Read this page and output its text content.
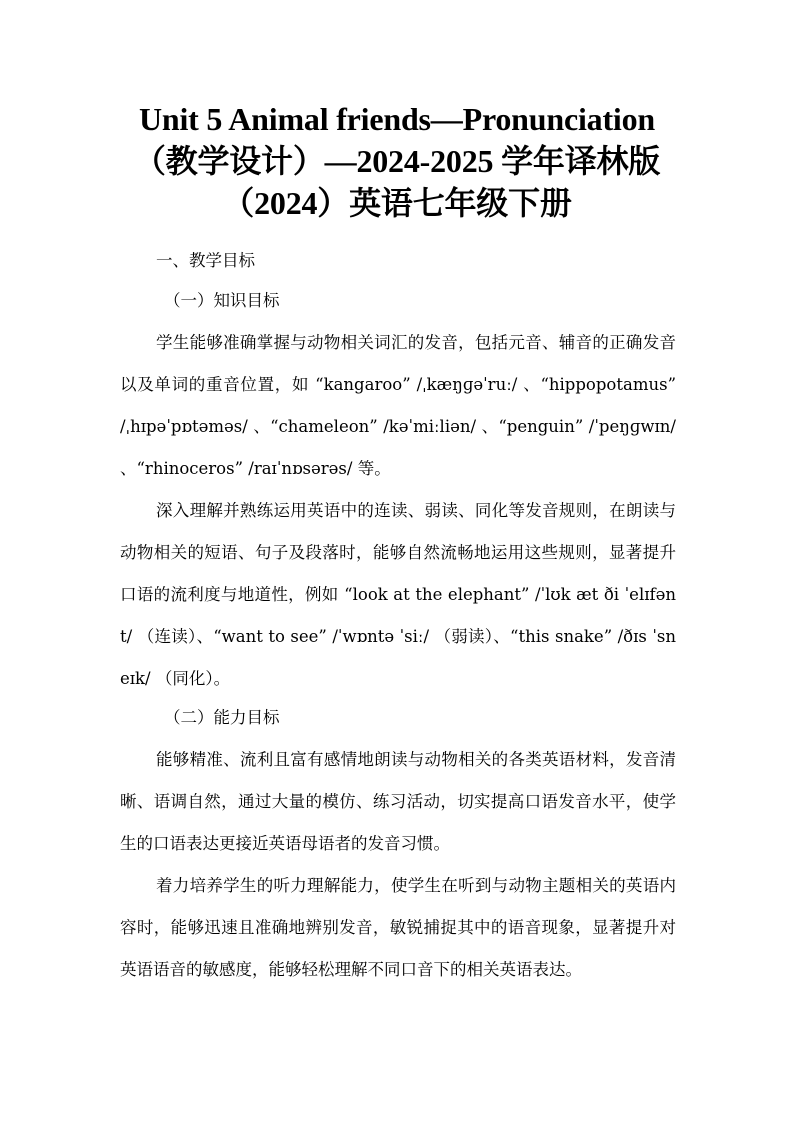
Unit 5 Animal friends—Pronunciation
（教学设计）—2024-2025 学年译林版
（2024）英语七年级下册
一、教学目标
（一）知识目标

学生能够准确掌握与动物相关词汇的发音，包括元音、辅音的正确发音以及单词的重音位置，如 “kangaroo” /ˌkæŋɡəˈruː/ 、“hippopotamus” /ˌhɪpəˈpɒtəməs/ 、“chameleon” /kəˈmiːliən/ 、“penguin” /ˈpeŋɡwɪn/ 、“rhinoceros” /raɪˈnɒsərəs/ 等。

深入理解并熟练运用英语中的连读、弱读、同化等发音规则，在朗读与动物相关的短语、句子及段落时，能够自然流畅地运用这些规则，显著提升口语的流利度与地道性，例如 “look at the elephant” /ˈlʊk æt ði ˈelɪfənt/ （连读）、“want to see” /ˈwɒntə ˈsiː/ （弱读）、“this snake” /ðɪs ˈsneɪk/ （同化）。

（二）能力目标

能够精准、流利且富有感情地朗读与动物相关的各类英语材料，发音清晰、语调自然，通过大量的模仿、练习活动，切实提高口语发音水平，使学生的口语表达更接近英语母语者的发音习惯。

着力培养学生的听力理解能力，使学生在听到与动物主题相关的英语内容时，能够迅速且准确地辨别发音，敏锐捕捉其中的语音现象，显著提升对英语语音的敏感度，能够轻松理解不同口音下的相关英语表达。
